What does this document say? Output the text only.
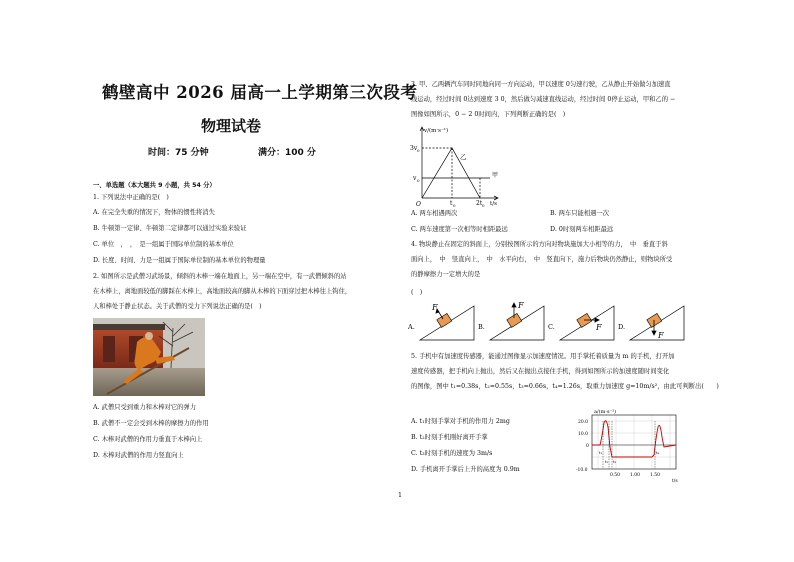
鹤壁高中 2026 届高一上学期第三次段考
物理试卷
时间：75 分钟	满分：100 分
一、单选题（本大题共 9 小题，共 54 分）
1. 下列说法中正确的是(　)
A. 在完全失重的情况下，物体的惯性将消失
B. 牛顿第一定律、牛顿第二定律都可以通过实验来验证
C. 单位　，　，　是一组属于国际单位制的基本单位
D. 长度、时间、力是一组属于国际单位制的基本单位的物理量
2. 如图所示是武僧习武场景，倾斜的木棒一端在地面上，另一端在空中，有一武僧倾斜的站
在木棒上，离地面较低的脚踩在木棒上，高地面较高的脚从木棒的下面穿过把木棒往上钩住，
人和棒处于静止状态。关于武僧的受力下列说法正确的是(　)
A. 武僧只受到重力和木棒对它的弹力
B. 武僧不一定会受到木棒的摩擦力的作用
C. 木棒对武僧的作用力垂直于木棒向上
D. 木棒对武僧的作用力竖直向上
3. 甲、乙两辆汽车同时同地向同一方向运动，甲以速度 0匀速行驶，乙从静止开始做匀加速直
线运动，经过时间 0达到速度 3 0，然后做匀减速直线运动，经过时间 0停止运动，甲和乙的 −
图像如图所示，0 − 2 0时间内，下列判断正确的是(　)
v/(m·s⁻¹)
3v 0
v 0
O	t 0	2t 0 t/s
乙
甲
A. 两车相遇两次	B. 两车只能相遇一次
C. 两车速度第一次相等时相距最远	D. 0时刻两车相距最远
4. 物块静止在固定的斜面上，分别按图所示的方向对物块施加大小相等的力，　中　垂直于斜
面向上，　中　竖直向上，　中　水平向右，　中　竖直向下，施力后物块仍然静止，则物块所受
的静摩擦力一定增大的是
(　)
A.	B.	C.	D.
F	F
F
F
5. 手机中有加速度传感器，能通过图像显示加速度情况。用手掌托着质量为 m 的手机，打开加
速度传感器，把手机向上抛出，然后又在抛出点接住手机，得到如图所示的加速度随时间变化
的图像，图中 t₁=0.38s，t₂=0.55s，t₃=0.66s，t₄=1.26s，取重力加速度 g=10m/s²，由此可判断出(　　)
A. t₁时刻手掌对手机的作用力 2mg
B. t₂时刻手机刚好离开手掌
C. t₃时刻手机的速度为 3m/s
D. 手机离开手掌后上升的高度为 0.9m
a/(m·s⁻²)
20.0
10.0
0
-10.0
0.50 1.00 1.50
t/s
t₁
t₂ t₃
t₄
1
